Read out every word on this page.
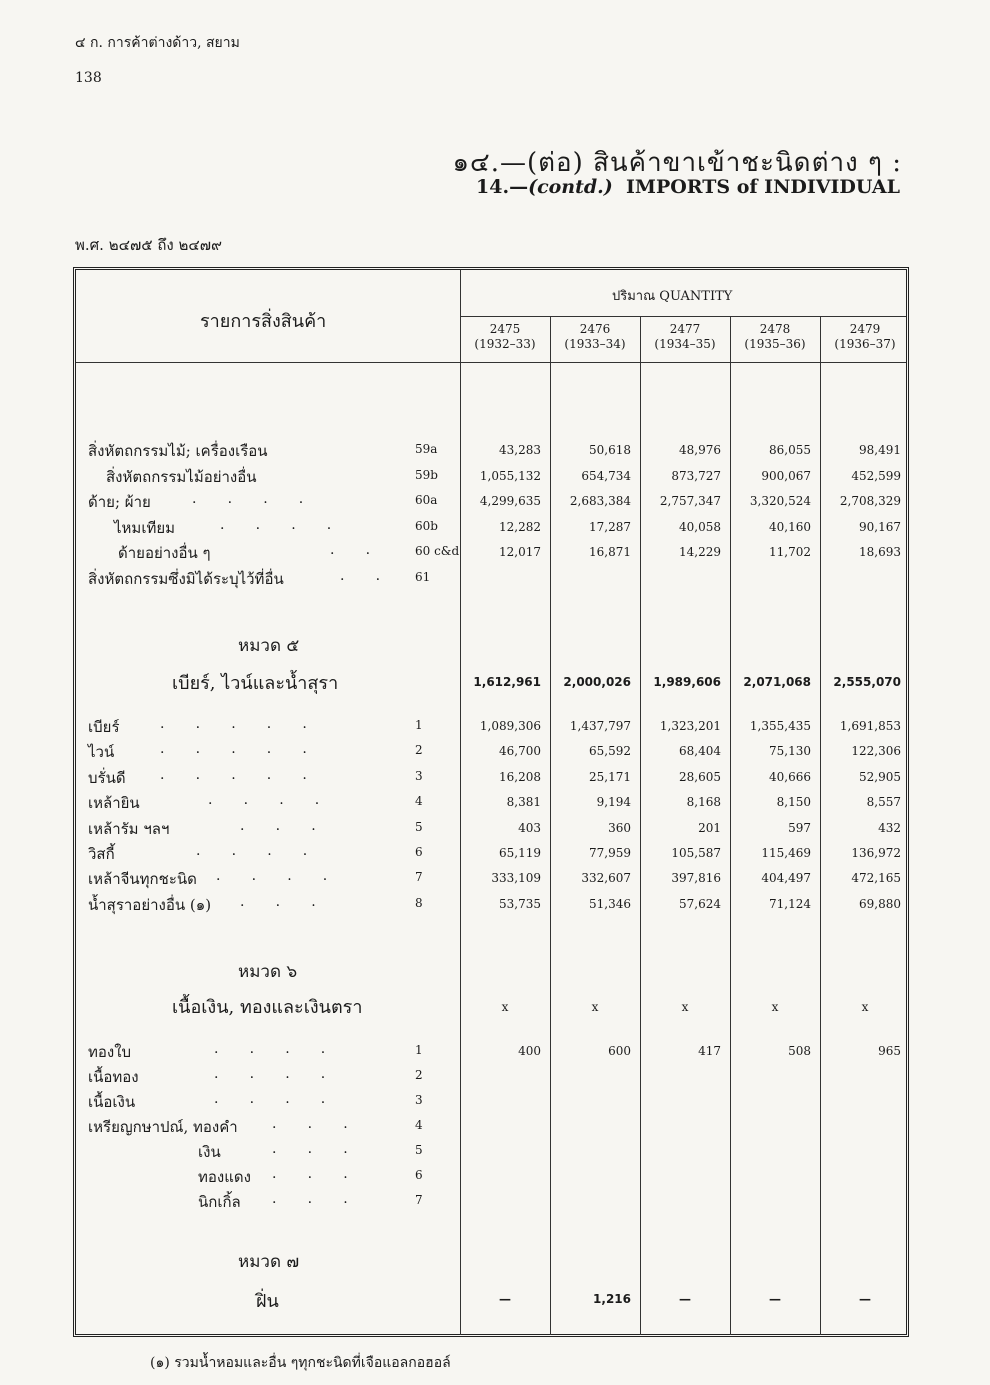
๔ ก. การค้าต่างด้าว, สยาม
138
๑๔.—(ต่อ) สินค้าขาเข้าชะนิดต่าง ๆ :
14.—(contd.) IMPORTS of INDIVIDUAL
พ.ศ. ๒๔๗๕ ถึง ๒๔๗๙
รายการสิ่งสินค้า
ปริมาณ QUANTITY
2475
(1932–33)
2476
(1933–34)
2477
(1934–35)
2478
(1935–36)
2479
(1936–37)
สิ่งหัตถกรรมไม้; เครื่องเรือน	59a	43,283	50,618	48,976	86,055	98,491
สิ่งหัตถกรรมไม้อย่างอื่น	59b	1,055,132	654,734	873,727	900,067	452,599
ด้าย; ผ้าย	.       .       .       .	60a	4,299,635	2,683,384	2,757,347	3,320,524	2,708,329
ไหมเทียม	.       .       .       .	60b	12,282	17,287	40,058	40,160	90,167
ด้ายอย่างอื่น ๆ	.       .	60 c&d	12,017	16,871	14,229	11,702	18,693
สิ่งหัตถกรรมซึ่งมิได้ระบุไว้ที่อื่น	.       .	61
หมวด ๕
เบียร์, ไวน์และน้ำสุรา	1,612,961	2,000,026	1,989,606	2,071,068	2,555,070
เบียร์	.       .       .       .       .	1	1,089,306	1,437,797	1,323,201	1,355,435	1,691,853
ไวน์	.       .       .       .       .	2	46,700	65,592	68,404	75,130	122,306
บรั่นดี .       .       .       .       .	3	16,208	25,171	28,605	40,666	52,905
เหล้ายิน	.       .       .       .	4	8,381	9,194	8,168	8,150	8,557
เหล้ารัม ฯลฯ	.       .       .	5	403	360	201	597	432
วิสกี้	.       .       .       .	6	65,119	77,959	105,587	115,469	136,972
เหล้าจีนทุกชะนิด .       .       .       .	7	333,109	332,607	397,816	404,497	472,165
น้ำสุราอย่างอื่น (๑) .       .       .	8	53,735	51,346	57,624	71,124	69,880
หมวด ๖
เนื้อเงิน, ทองและเงินตรา	x	x	x	x	x
ทองใบ	.       .       .       .	1	400	600	417	508	965
เนื้อทอง	.       .       .       .	2
เนื้อเงิน	.       .       .       .	3
เหรียญกษาปณ์, ทองคำ .       .       .	4
เงิน	.       .       .	5
ทองแดง .       .       .	6
นิกเกิ้ล .       .       .	7
หมวด ๗
ฝิ่น	—	1,216	—	—	—
(๑) รวมน้ำหอมและอื่น ๆทุกชะนิดที่เจือแอลกอฮอล์
